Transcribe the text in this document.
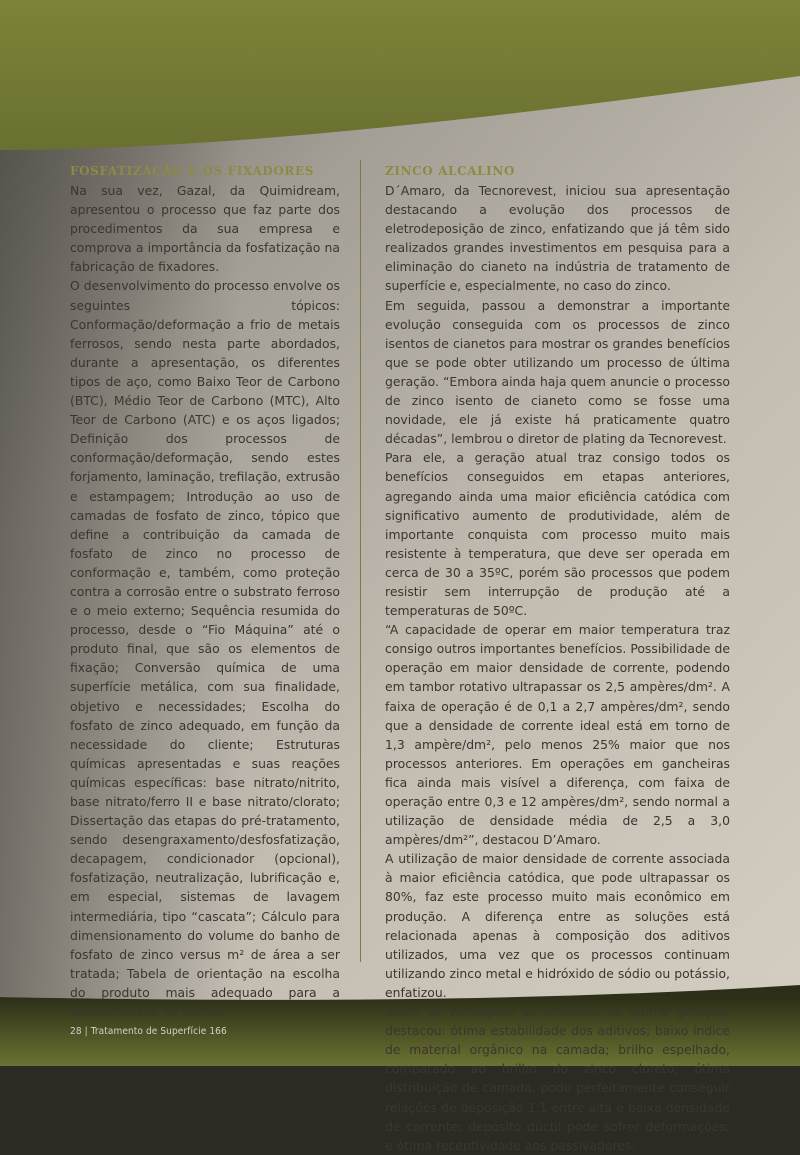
FOSFATIZAÇÃO E OS FIXADORES

Na sua vez, Gazal, da Quimidream, apresentou o processo que faz parte dos procedimentos da sua empresa e comprova a importância da fosfatização na fabricação de fixadores.

O desenvolvimento do processo envolve os seguintes tópicos: Conformação/deformação a frio de metais ferrosos, sendo nesta parte abordados, durante a apresentação, os diferentes tipos de aço, como Baixo Teor de Carbono (BTC), Médio Teor de Carbono (MTC), Alto Teor de Carbono (ATC) e os aços ligados; Definição dos processos de conformação/deformação, sendo estes forjamento, laminação, trefilação, extrusão e estampagem; Introdução ao uso de camadas de fosfato de zinco, tópico que define a contribuição da camada de fosfato de zinco no processo de conformação e, também, como proteção contra a corrosão entre o substrato ferroso e o meio externo; Sequência resumida do processo, desde o “Fio Máquina” até o produto final, que são os elementos de fixação; Conversão química de uma superfície metálica, com sua finalidade, objetivo e necessidades; Escolha do fosfato de zinco adequado, em função da necessidade do cliente; Estruturas químicas apresentadas e suas reações químicas específicas: base nitrato/nitrito, base nitrato/ferro II e base nitrato/clorato; Dissertação das etapas do pré-tratamento, sendo desengraxamento/desfosfatização, decapagem, condicionador (opcional), fosfatização, neutralização, lubrificação e, em especial, sistemas de lavagem intermediária, tipo “cascata”; Cálculo para dimensionamento do volume do banho de fosfato de zinco versus m² de área a ser tratada; Tabela de orientação na escolha do produto mais adequado para a especificidade do cliente.

ZINCO ALCALINO

D´Amaro, da Tecnorevest, iniciou sua apresentação destacando a evolução dos processos de eletrodeposição de zinco, enfatizando que já têm sido realizados grandes investimentos em pesquisa para a eliminação do cianeto na indústria de tratamento de superfície e, especialmente, no caso do zinco.

Em seguida, passou a demonstrar a importante evolução conseguida com os processos de zinco isentos de cianetos para mostrar os grandes benefícios que se pode obter utilizando um processo de última geração. “Embora ainda haja quem anuncie o processo de zinco isento de cianeto como se fosse uma novidade, ele já existe há praticamente quatro décadas”, lembrou o diretor de plating da Tecnorevest.

Para ele, a geração atual traz consigo todos os benefícios conseguidos em etapas anteriores, agregando ainda uma maior eficiência catódica com significativo aumento de produtividade, além de importante conquista com processo muito mais resistente à temperatura, que deve ser operada em cerca de 30 a 35ºC, porém são processos que podem resistir sem interrupção de produção até a temperaturas de 50ºC.

“A capacidade de operar em maior temperatura traz consigo outros importantes benefícios. Possibilidade de operação em maior densidade de corrente, podendo em tambor rotativo ultrapassar os 2,5 ampères/dm². A faixa de operação é de 0,1 a 2,7 ampères/dm², sendo que a densidade de corrente ideal está em torno de 1,3 ampère/dm², pelo menos 25% maior que nos processos anteriores. Em operações em gancheiras fica ainda mais visível a diferença, com faixa de operação entre 0,3 e 12 ampères/dm², sendo normal a utilização de densidade média de 2,5 a 3,0 ampères/dm²”, destacou D’Amaro.

A utilização de maior densidade de corrente associada à maior eficiência catódica, que pode ultrapassar os 80%, faz este processo muito mais econômico em produção. A diferença entre as soluções está relacionada apenas à composição dos aditivos utilizados, uma vez que os processos continuam utilizando zinco metal e hidróxido de sódio ou potássio, enfatizou.

Sobre as vantagens do processo de última geração, destacou: ótima estabilidade dos aditivos; baixo índice de material orgânico na camada; brilho espelhado, comparado ao brilho do zinco cloreto; ótima distribuição de camada, pode perfeitamente conseguir relações de deposição 1:1 entre alta e baixa densidade de corrente; depósito dúctil pode sofrer deformações; e ótima receptividade aos passivadores.

28 | Tratamento de Superfície 166
